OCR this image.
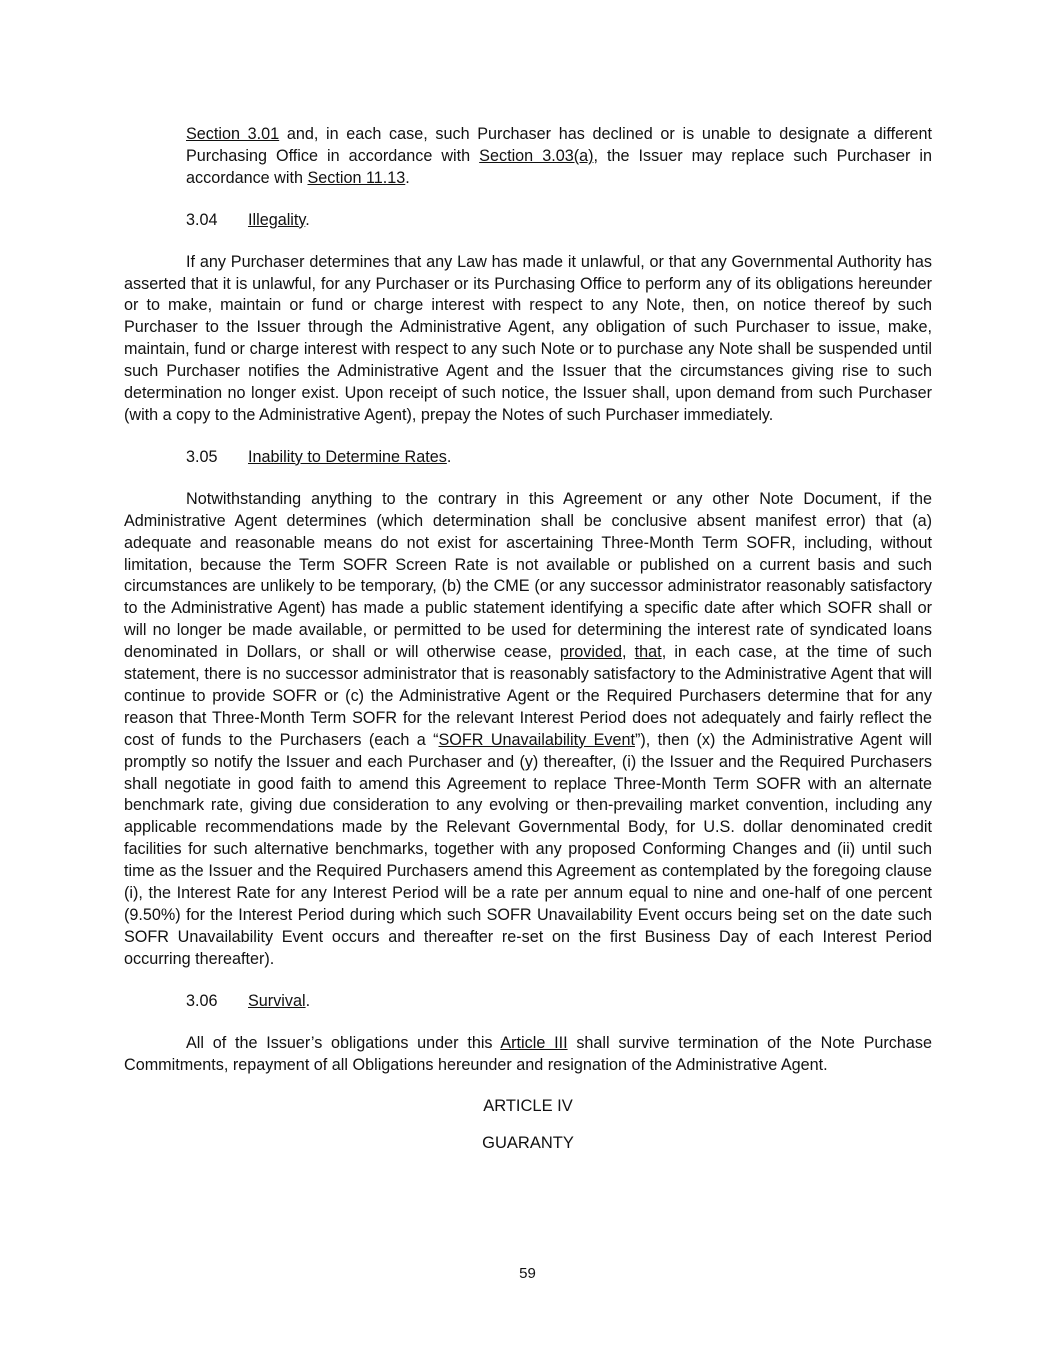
Section 3.01 and, in each case, such Purchaser has declined or is unable to designate a different Purchasing Office in accordance with Section 3.03(a), the Issuer may replace such Purchaser in accordance with Section 11.13.

3.04	Illegality.

If any Purchaser determines that any Law has made it unlawful, or that any Governmental Authority has asserted that it is unlawful, for any Purchaser or its Purchasing Office to perform any of its obligations hereunder or to make, maintain or fund or charge interest with respect to any Note, then, on notice thereof by such Purchaser to the Issuer through the Administrative Agent, any obligation of such Purchaser to issue, make, maintain, fund or charge interest with respect to any such Note or to purchase any Note shall be suspended until such Purchaser notifies the Administrative Agent and the Issuer that the circumstances giving rise to such determination no longer exist. Upon receipt of such notice, the Issuer shall, upon demand from such Purchaser (with a copy to the Administrative Agent), prepay the Notes of such Purchaser immediately.

3.05	Inability to Determine Rates.

Notwithstanding anything to the contrary in this Agreement or any other Note Document, if the Administrative Agent determines (which determination shall be conclusive absent manifest error) that (a) adequate and reasonable means do not exist for ascertaining Three-Month Term SOFR, including, without limitation, because the Term SOFR Screen Rate is not available or published on a current basis and such circumstances are unlikely to be temporary, (b) the CME (or any successor administrator reasonably satisfactory to the Administrative Agent) has made a public statement identifying a specific date after which SOFR shall or will no longer be made available, or permitted to be used for determining the interest rate of syndicated loans denominated in Dollars, or shall or will otherwise cease, provided, that, in each case, at the time of such statement, there is no successor administrator that is reasonably satisfactory to the Administrative Agent that will continue to provide SOFR or (c) the Administrative Agent or the Required Purchasers determine that for any reason that Three-Month Term SOFR for the relevant Interest Period does not adequately and fairly reflect the cost of funds to the Purchasers (each a “SOFR Unavailability Event”), then (x) the Administrative Agent will promptly so notify the Issuer and each Purchaser and (y) thereafter, (i) the Issuer and the Required Purchasers shall negotiate in good faith to amend this Agreement to replace Three-Month Term SOFR with an alternate benchmark rate, giving due consideration to any evolving or then-prevailing market convention, including any applicable recommendations made by the Relevant Governmental Body, for U.S. dollar denominated credit facilities for such alternative benchmarks, together with any proposed Conforming Changes and (ii) until such time as the Issuer and the Required Purchasers amend this Agreement as contemplated by the foregoing clause (i), the Interest Rate for any Interest Period will be a rate per annum equal to nine and one-half of one percent (9.50%) for the Interest Period during which such SOFR Unavailability Event occurs being set on the date such SOFR Unavailability Event occurs and thereafter re-set on the first Business Day of each Interest Period occurring thereafter).

3.06	Survival.

All of the Issuer’s obligations under this Article III shall survive termination of the Note Purchase Commitments, repayment of all Obligations hereunder and resignation of the Administrative Agent.

ARTICLE IV

GUARANTY

59
